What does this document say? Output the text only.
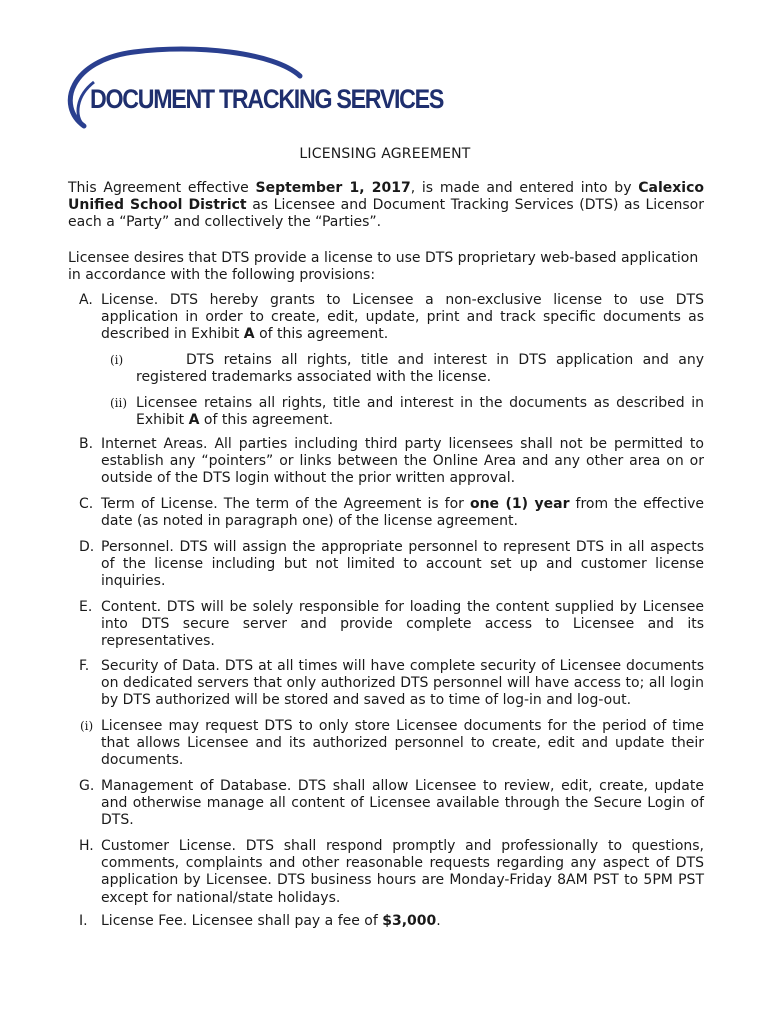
DOCUMENT TRACKING SERVICES
LICENSING AGREEMENT
This Agreement effective September 1, 2017, is made and entered into by Calexico Unified School District as Licensee and Document Tracking Services (DTS) as Licensor each a “Party” and collectively the “Parties”.
Licensee desires that DTS provide a license to use DTS proprietary web-based application in accordance with the following provisions:
A. License. DTS hereby grants to Licensee a non-exclusive license to use DTS application in order to create, edit, update, print and track specific documents as described in Exhibit A of this agreement.
(i)	DTS retains all rights, title and interest in DTS application and any registered trademarks associated with the license.
(ii) Licensee retains all rights, title and interest in the documents as described in Exhibit A of this agreement.
B. Internet Areas. All parties including third party licensees shall not be permitted to establish any “pointers” or links between the Online Area and any other area on or outside of the DTS login without the prior written approval.
C. Term of License. The term of the Agreement is for one (1) year from the effective date (as noted in paragraph one) of the license agreement.
D. Personnel. DTS will assign the appropriate personnel to represent DTS in all aspects of the license including but not limited to account set up and customer license inquiries.
E. Content. DTS will be solely responsible for loading the content supplied by Licensee into DTS secure server and provide complete access to Licensee and its representatives.
F. Security of Data. DTS at all times will have complete security of Licensee documents on dedicated servers that only authorized DTS personnel will have access to; all login by DTS authorized will be stored and saved as to time of log-in and log-out.
(i) Licensee may request DTS to only store Licensee documents for the period of time that allows Licensee and its authorized personnel to create, edit and update their documents.
G. Management of Database. DTS shall allow Licensee to review, edit, create, update and otherwise manage all content of Licensee available through the Secure Login of DTS.
H. Customer License. DTS shall respond promptly and professionally to questions, comments, complaints and other reasonable requests regarding any aspect of DTS application by Licensee. DTS business hours are Monday-Friday 8AM PST to 5PM PST except for national/state holidays.
I. License Fee. Licensee shall pay a fee of $3,000.
